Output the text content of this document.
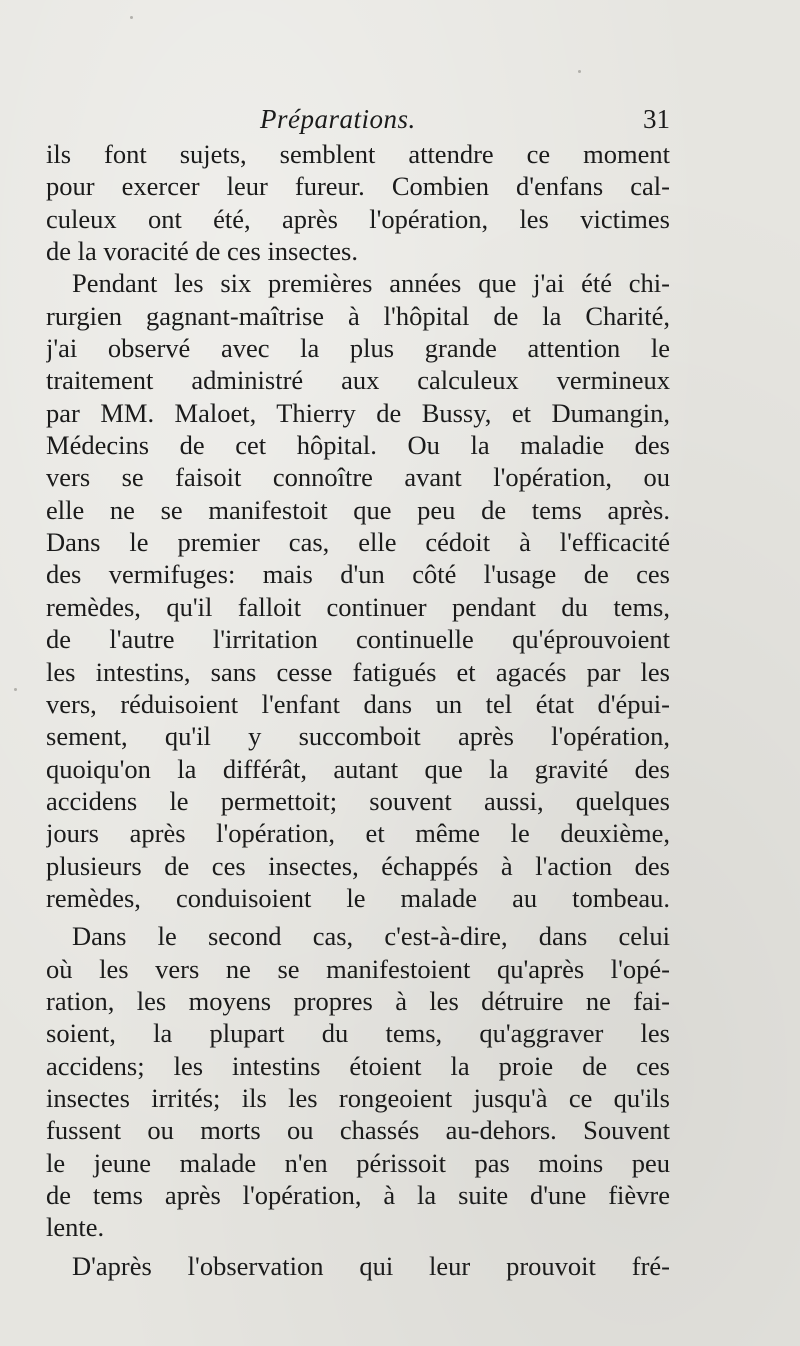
Préparations.	31
ils font sujets, semblent attendre ce moment
pour exercer leur fureur. Combien d'enfans cal-
culeux ont été, après l'opération, les victimes
de la voracité de ces insectes.
Pendant les six premières années que j'ai été chi-
rurgien gagnant-maîtrise à l'hôpital de la Charité,
j'ai observé avec la plus grande attention le
traitement administré aux calculeux vermineux
par MM. Maloet, Thierry de Bussy, et Dumangin,
Médecins de cet hôpital. Ou la maladie des
vers se faisoit connoître avant l'opération, ou
elle ne se manifestoit que peu de tems après.
Dans le premier cas, elle cédoit à l'efficacité
des vermifuges: mais d'un côté l'usage de ces
remèdes, qu'il falloit continuer pendant du tems,
de l'autre l'irritation continuelle qu'éprouvoient
les intestins, sans cesse fatigués et agacés par les
vers, réduisoient l'enfant dans un tel état d'épui-
sement, qu'il y succomboit après l'opération,
quoiqu'on la différât, autant que la gravité des
accidens le permettoit; souvent aussi, quelques
jours après l'opération, et même le deuxième,
plusieurs de ces insectes, échappés à l'action des
remèdes, conduisoient le malade au tombeau.
Dans le second cas, c'est-à-dire, dans celui
où les vers ne se manifestoient qu'après l'opé-
ration, les moyens propres à les détruire ne fai-
soient, la plupart du tems, qu'aggraver les
accidens; les intestins étoient la proie de ces
insectes irrités; ils les rongeoient jusqu'à ce qu'ils
fussent ou morts ou chassés au-dehors. Souvent
le jeune malade n'en périssoit pas moins peu
de tems après l'opération, à la suite d'une fièvre
lente.
D'après l'observation qui leur prouvoit fré-
